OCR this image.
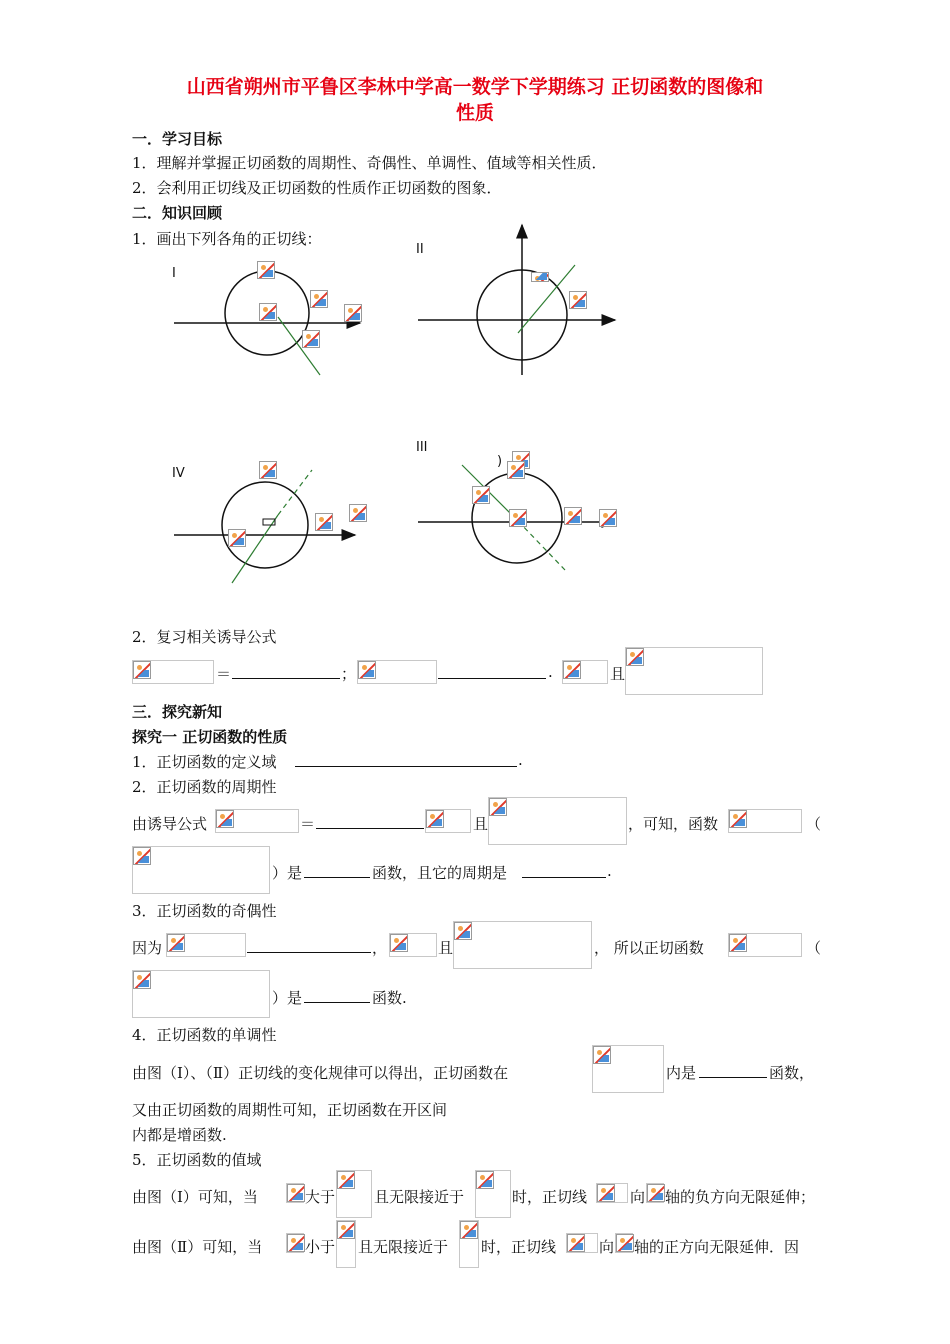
山西省朔州市平鲁区李林中学高一数学下学期练习 正切函数的图像和
性质
一．学习目标
1．理解并掌握正切函数的周期性、奇偶性、单调性、值域等相关性质．
2．会利用正切线及正切函数的性质作正切函数的图象．
二．知识回顾
1．画出下列各角的正切线：
I
II
IV
III
)
2．复习相关诱导公式
＝	；	.	且
三．探究新知
探究一 正切函数的性质
1．正切函数的定义域	.
2．正切函数的周期性
由诱导公式	＝	且	，可知，函数	（
）是	函数，且它的周期是	.
3．正切函数的奇偶性
因为	，	且	， 所以正切函数	（
）是	函数.
4．正切函数的单调性
由图（Ⅰ）、（Ⅱ）正切线的变化规律可以得出，正切函数在	内是	函数，
又由正切函数的周期性可知，正切函数在开区间
内都是增函数.
5．正切函数的值域
由图（Ⅰ）可知，当	大于	且无限接近于	时，正切线	向 轴的负方向无限延伸；
由图（Ⅱ）可知，当	小于 且无限接近于 时，正切线	向 轴的正方向无限延伸．因
